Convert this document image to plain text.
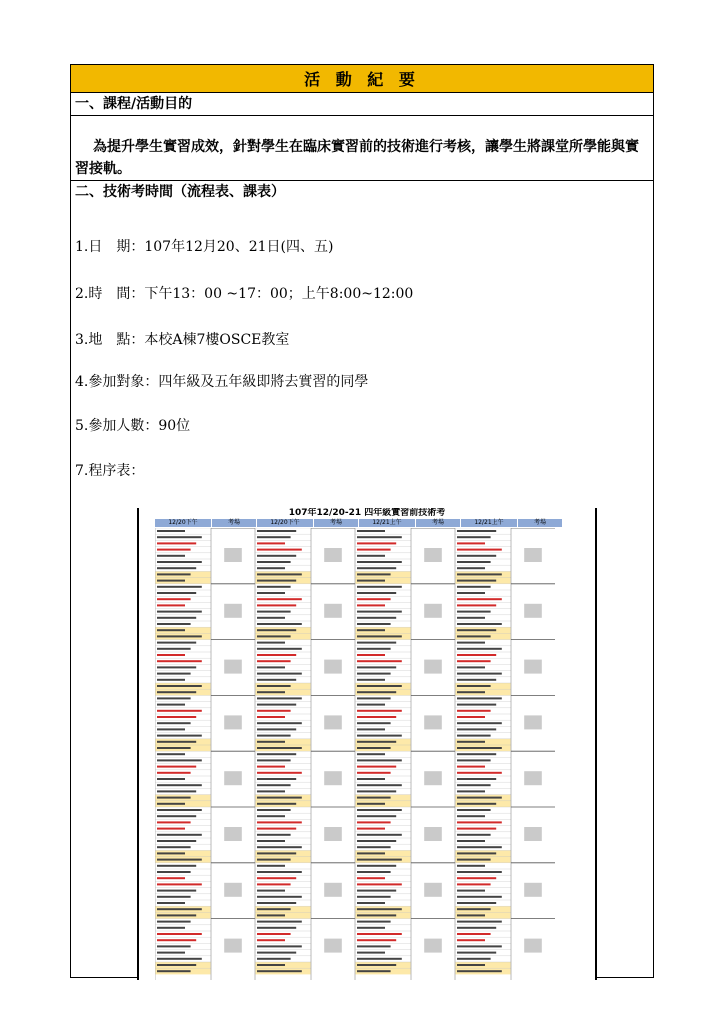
活 動 紀 要
一、課程/活動目的
為提升學生實習成效，針對學生在臨床實習前的技術進行考核，讓學生將課堂所學能與實習接軌。
二、技術考時間（流程表、課表）
1.日　期：107年12月20、21日(四、五)
2.時　間：下午13：00 ~17：00；上午8:00~12:00
3.地　點：本校A棟7樓OSCE教室
4.參加對象：四年級及五年級即將去實習的同學
5.參加人數：90位
7.程序表：
107年12/20-21 四年級實習前技術考
12/20下午	考場	12/20下午	考場	12/21上午	考場	12/21上午	考場
